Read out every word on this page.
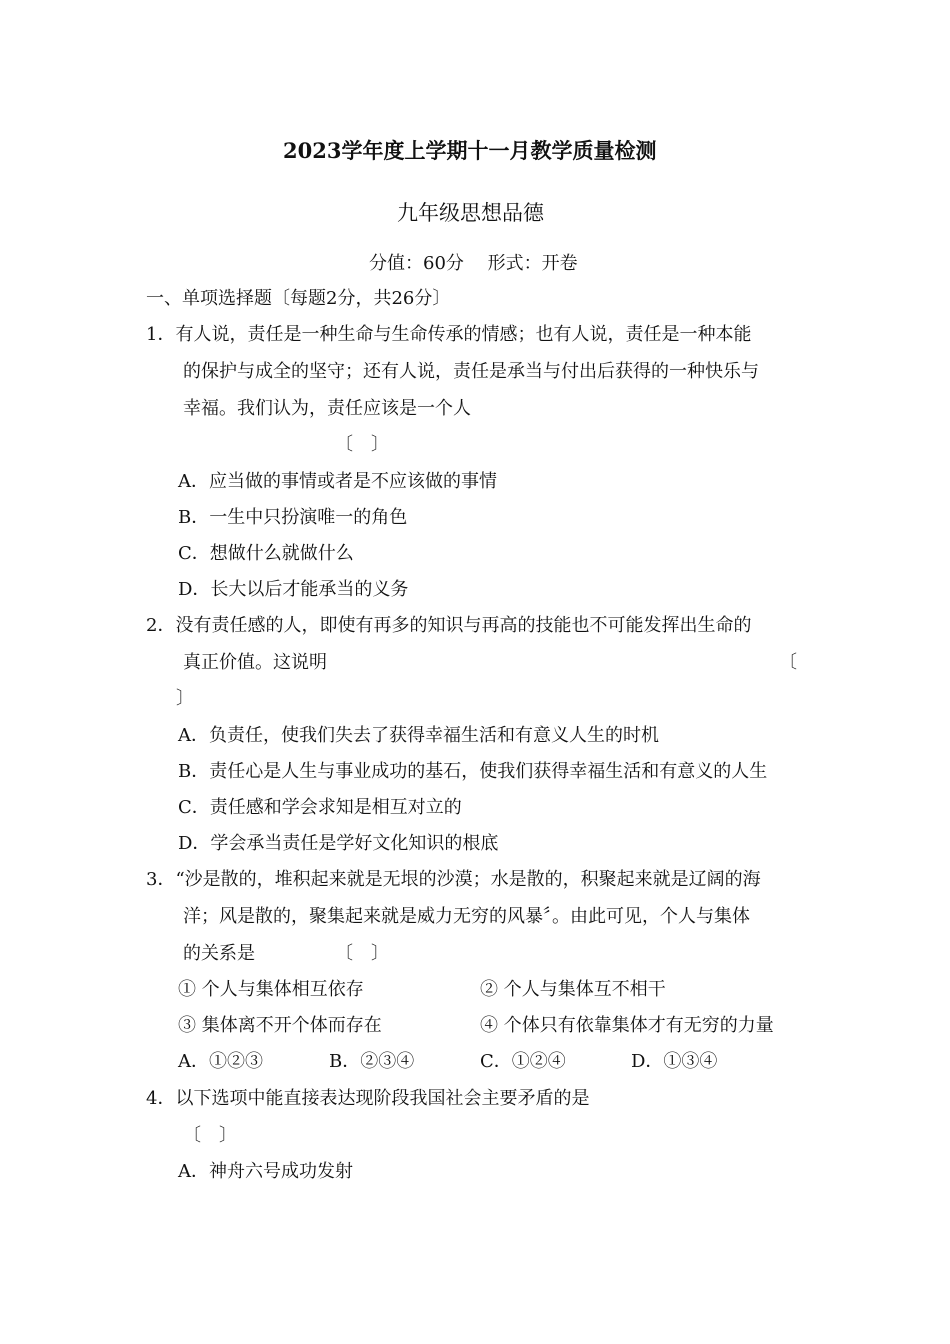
2023学年度上学期十一月教学质量检测
九年级思想品德
分值：60分　 形式：开卷
一、单项选择题〔每题2分，共26分〕
1．有人说，责任是一种生命与生命传承的情感；也有人说，责任是一种本能
的保护与成全的坚守；还有人说，责任是承当与付出后获得的一种快乐与
幸福。我们认为，责任应该是一个人
〔　〕
A．应当做的事情或者是不应该做的事情
B．一生中只扮演唯一的角色
C．想做什么就做什么
D．长大以后才能承当的义务
2．没有责任感的人，即使有再多的知识与再高的技能也不可能发挥出生命的
真正价值。这说明	〔
〕
A．负责任，使我们失去了获得幸福生活和有意义人生的时机
B．责任心是人生与事业成功的基石，使我们获得幸福生活和有意义的人生
C．责任感和学会求知是相互对立的
D．学会承当责任是学好文化知识的根底
3．“沙是散的，堆积起来就是无垠的沙漠；水是散的，积聚起来就是辽阔的海
洋；风是散的，聚集起来就是威力无穷的风暴〞。由此可见，个人与集体
的关系是	〔　〕
① 个人与集体相互依存	② 个人与集体互不相干
③ 集体离不开个体而存在	④ 个体只有依靠集体才有无穷的力量
A．①②③	B．②③④	C．①②④	D．①③④
4．以下选项中能直接表达现阶段我国社会主要矛盾的是
〔　〕
A．神舟六号成功发射
